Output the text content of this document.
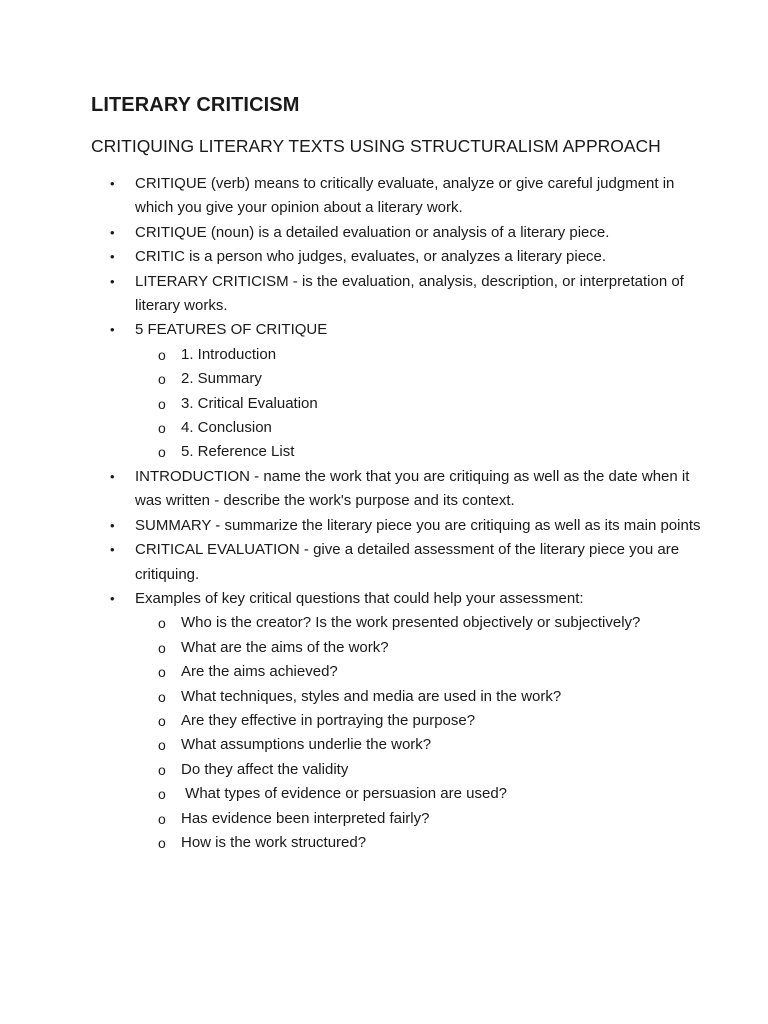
LITERARY CRITICISM
CRITIQUING LITERARY TEXTS USING STRUCTURALISM APPROACH
•	CRITIQUE (verb) means to critically evaluate, analyze or give careful judgment in which you give your opinion about a literary work.
•	CRITIQUE (noun) is a detailed evaluation or analysis of a literary piece.
•	CRITIC is a person who judges, evaluates, or analyzes a literary piece.
•	LITERARY CRITICISM - is the evaluation, analysis, description, or interpretation of literary works.
•	5 FEATURES OF CRITIQUE
o 1. Introduction
o 2. Summary
o 3. Critical Evaluation
o 4. Conclusion
o 5. Reference List
•	INTRODUCTION - name the work that you are critiquing as well as the date when it was written - describe the work's purpose and its context.
•	SUMMARY - summarize the literary piece you are critiquing as well as its main points
•	CRITICAL EVALUATION - give a detailed assessment of the literary piece you are critiquing.
•	Examples of key critical questions that could help your assessment:
o Who is the creator? Is the work presented objectively or subjectively?
o What are the aims of the work?
o Are the aims achieved?
o What techniques, styles and media are used in the work?
o Are they effective in portraying the purpose?
o What assumptions underlie the work?
o Do they affect the validity
o What types of evidence or persuasion are used?
o Has evidence been interpreted fairly?
o How is the work structured?
